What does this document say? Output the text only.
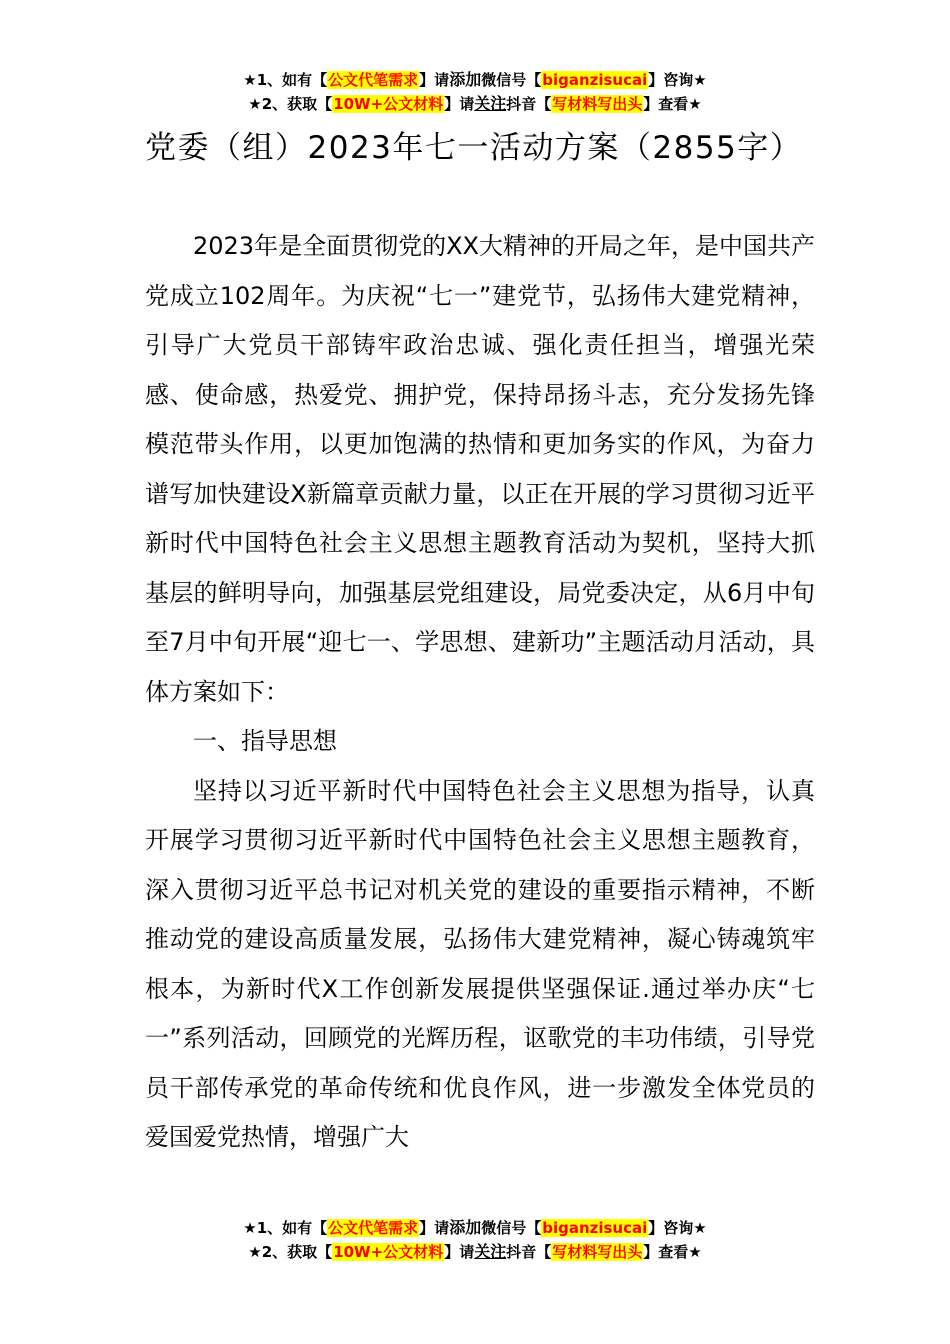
★1、如有【公文代笔需求】请添加微信号【biganzisucai】咨询★
★2、获取【10W+公文材料】请关注抖音【写材料写出头】查看★
党委（组）2023年七一活动方案（2855字）

2023年是全面贯彻党的XX大精神的开局之年，是中国共产党成立102周年。为庆祝“七一”建党节，弘扬伟大建党精神，引导广大党员干部铸牢政治忠诚、强化责任担当，增强光荣感、使命感，热爱党、拥护党，保持昂扬斗志，充分发扬先锋模范带头作用，以更加饱满的热情和更加务实的作风，为奋力谱写加快建设X新篇章贡献力量，以正在开展的学习贯彻习近平新时代中国特色社会主义思想主题教育活动为契机，坚持大抓基层的鲜明导向，加强基层党组建设，局党委决定，从6月中旬至7月中旬开展“迎七一、学思想、建新功”主题活动月活动，具体方案如下：

一、指导思想

坚持以习近平新时代中国特色社会主义思想为指导，认真开展学习贯彻习近平新时代中国特色社会主义思想主题教育，深入贯彻习近平总书记对机关党的建设的重要指示精神，不断推动党的建设高质量发展，弘扬伟大建党精神，凝心铸魂筑牢根本，为新时代X工作创新发展提供坚强保证.通过举办庆“七一”系列活动，回顾党的光辉历程，讴歌党的丰功伟绩，引导党员干部传承党的革命传统和优良作风，进一步激发全体党员的爱国爱党热情，增强广大

★1、如有【公文代笔需求】请添加微信号【biganzisucai】咨询★
★2、获取【10W+公文材料】请关注抖音【写材料写出头】查看★
